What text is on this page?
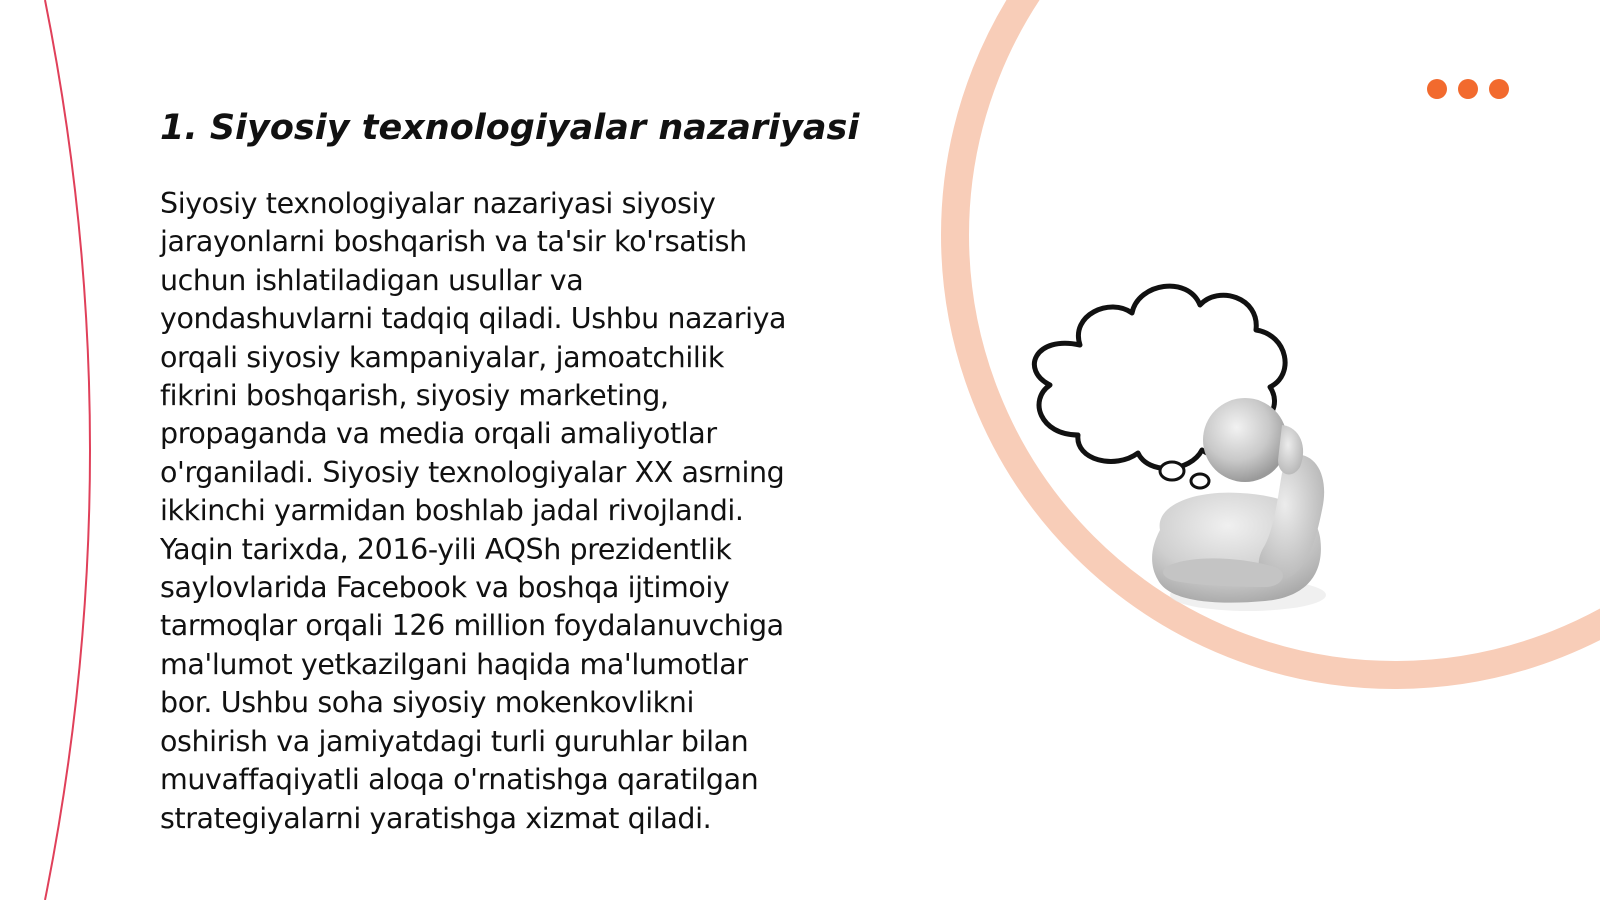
1. Siyosiy texnologiyalar nazariyasi

Siyosiy texnologiyalar nazariyasi siyosiy
jarayonlarni boshqarish va ta'sir ko'rsatish
uchun ishlatiladigan usullar va
yondashuvlarni tadqiq qiladi. Ushbu nazariya
orqali siyosiy kampaniyalar, jamoatchilik
fikrini boshqarish, siyosiy marketing,
propaganda va media orqali amaliyotlar
o'rganiladi. Siyosiy texnologiyalar XX asrning
ikkinchi yarmidan boshlab jadal rivojlandi.
Yaqin tarixda, 2016-yili AQSh prezidentlik
saylovlarida Facebook va boshqa ijtimoiy
tarmoqlar orqali 126 million foydalanuvchiga
ma'lumot yetkazilgani haqida ma'lumotlar
bor. Ushbu soha siyosiy mokenkovlikni
oshirish va jamiyatdagi turli guruhlar bilan
muvaffaqiyatli aloqa o'rnatishga qaratilgan
strategiyalarni yaratishga xizmat qiladi.
